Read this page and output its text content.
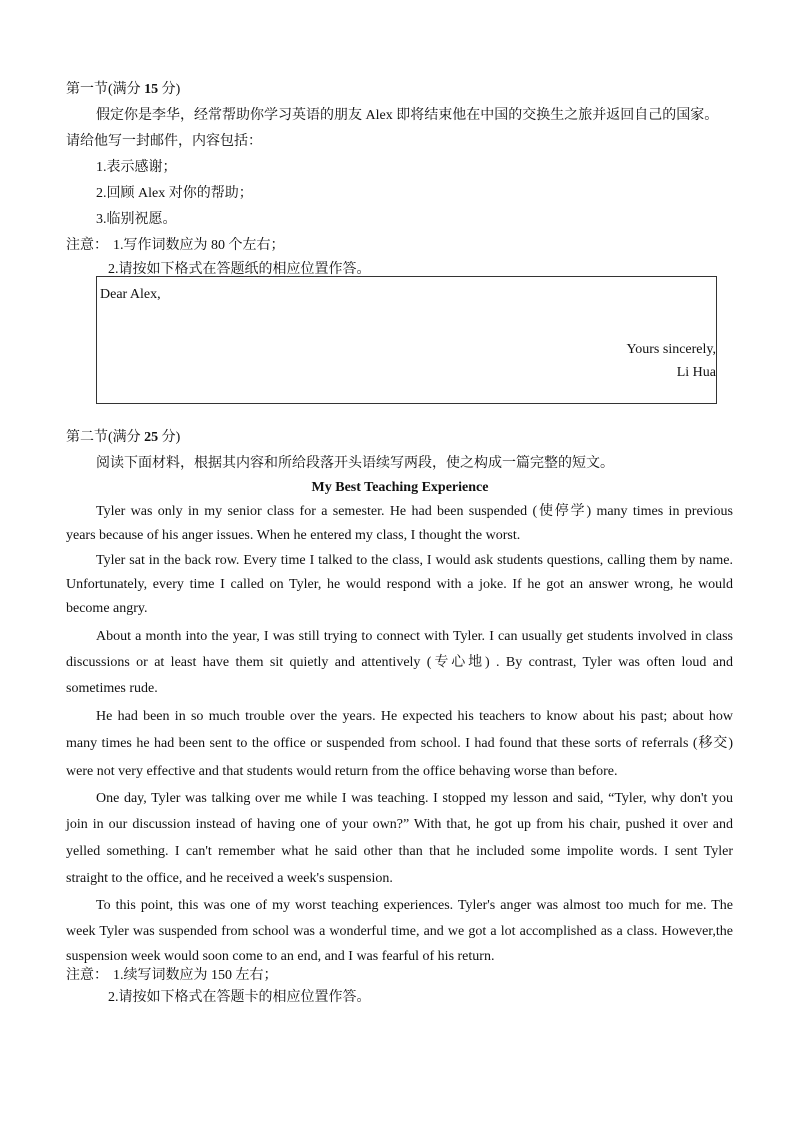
第一节(满分 15 分)
假定你是李华，经常帮助你学习英语的朋友 Alex 即将结束他在中国的交换生之旅并返回自己的国家。
请给他写一封邮件，内容包括：
1.表示感谢；
2.回顾 Alex 对你的帮助；
3.临别祝愿。
注意： 1.写作词数应为 80 个左右；
2.请按如下格式在答题纸的相应位置作答。
Dear Alex,
Yours sincerely,
Li Hua
第二节(满分 25 分)
阅读下面材料，根据其内容和所给段落开头语续写两段，使之构成一篇完整的短文。
My Best Teaching Experience
Tyler was only in my senior class for a semester. He had been suspended (使停学) many times in previous
years because of his anger issues. When he entered my class, I thought the worst.
Tyler sat in the back row. Every time I talked to the class, I would ask students questions, calling them by name.
Unfortunately, every time I called on Tyler, he would respond with a joke. If he got an answer wrong, he would
become angry.
About a month into the year, I was still trying to connect with Tyler. I can usually get students involved in class
discussions or at least have them sit quietly and attentively (专心地) . By contrast, Tyler was often loud and
sometimes rude.
He had been in so much trouble over the years. He expected his teachers to know about his past; about how
many times he had been sent to the office or suspended from school. I had found that these sorts of referrals (移交)
were not very effective and that students would return from the office behaving worse than before.
One day, Tyler was talking over me while I was teaching. I stopped my lesson and said, “Tyler, why don't you
join in our discussion instead of having one of your own?” With that, he got up from his chair, pushed it over and
yelled something. I can't remember what he said other than that he included some impolite words. I sent Tyler
straight to the office, and he received a week's suspension.
To this point, this was one of my worst teaching experiences. Tyler's anger was almost too much for me. The
week Tyler was suspended from school was a wonderful time, and we got a lot accomplished as a class. However,the
suspension week would soon come to an end, and I was fearful of his return.
注意： 1.续写词数应为 150 左右；
2.请按如下格式在答题卡的相应位置作答。
